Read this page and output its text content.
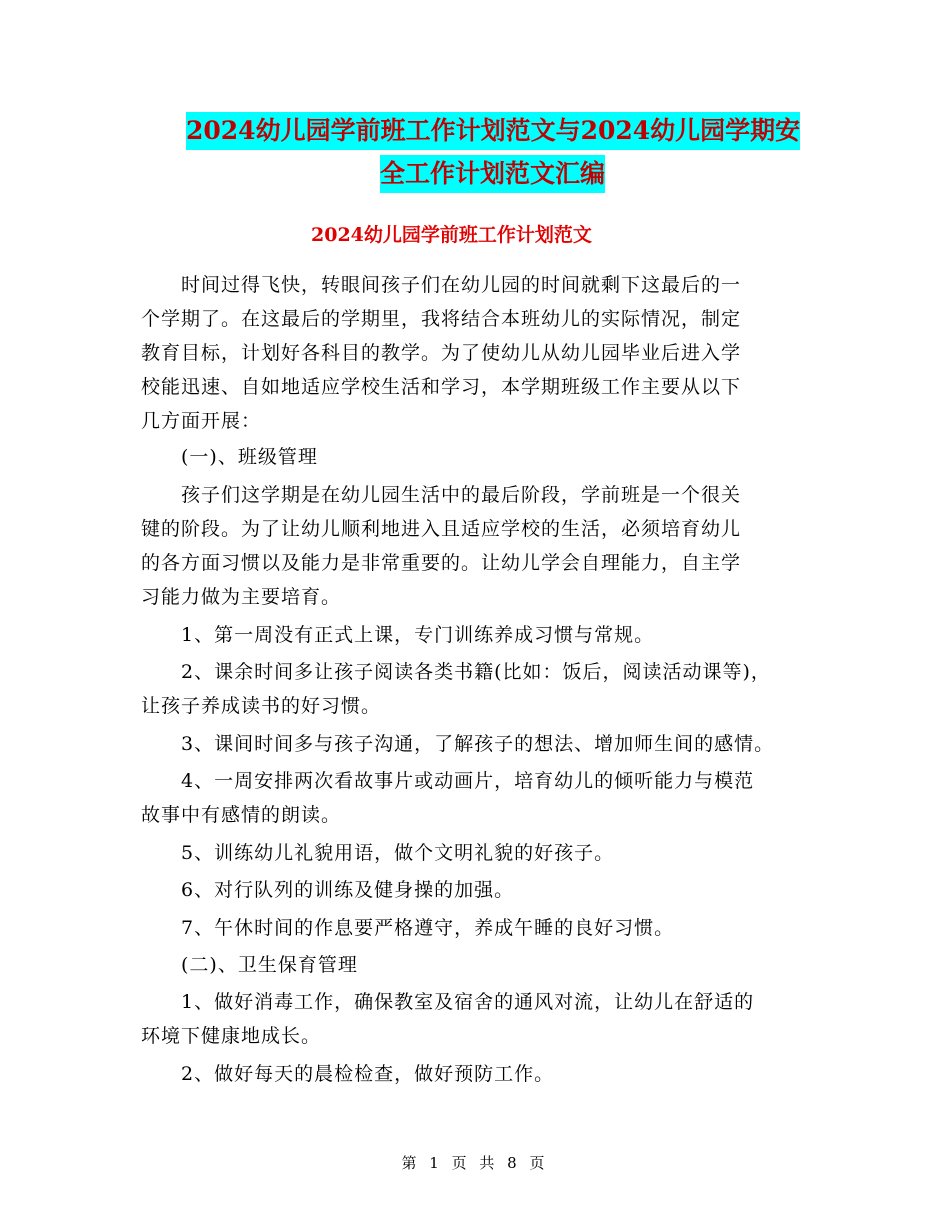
2024幼儿园学前班工作计划范文与2024幼儿园学期安
全工作计划范文汇编
2024幼儿园学前班工作计划范文
　　时间过得飞快，转眼间孩子们在幼儿园的时间就剩下这最后的一
个学期了。在这最后的学期里，我将结合本班幼儿的实际情况，制定
教育目标，计划好各科目的教学。为了使幼儿从幼儿园毕业后进入学
校能迅速、自如地适应学校生活和学习，本学期班级工作主要从以下
几方面开展：
　　(一)、班级管理
　　孩子们这学期是在幼儿园生活中的最后阶段，学前班是一个很关
键的阶段。为了让幼儿顺利地进入且适应学校的生活，必须培育幼儿
的各方面习惯以及能力是非常重要的。让幼儿学会自理能力，自主学
习能力做为主要培育。
　　1、第一周没有正式上课，专门训练养成习惯与常规。
　　2、课余时间多让孩子阅读各类书籍(比如：饭后，阅读活动课等)，
让孩子养成读书的好习惯。
　　3、课间时间多与孩子沟通，了解孩子的想法、增加师生间的感情。
　　4、一周安排两次看故事片或动画片，培育幼儿的倾听能力与模范
故事中有感情的朗读。
　　5、训练幼儿礼貌用语，做个文明礼貌的好孩子。
　　6、对行队列的训练及健身操的加强。
　　7、午休时间的作息要严格遵守，养成午睡的良好习惯。
　　(二)、卫生保育管理
　　1、做好消毒工作，确保教室及宿舍的通风对流，让幼儿在舒适的
环境下健康地成长。
　　2、做好每天的晨检检查，做好预防工作。
第 1 页 共 8 页
